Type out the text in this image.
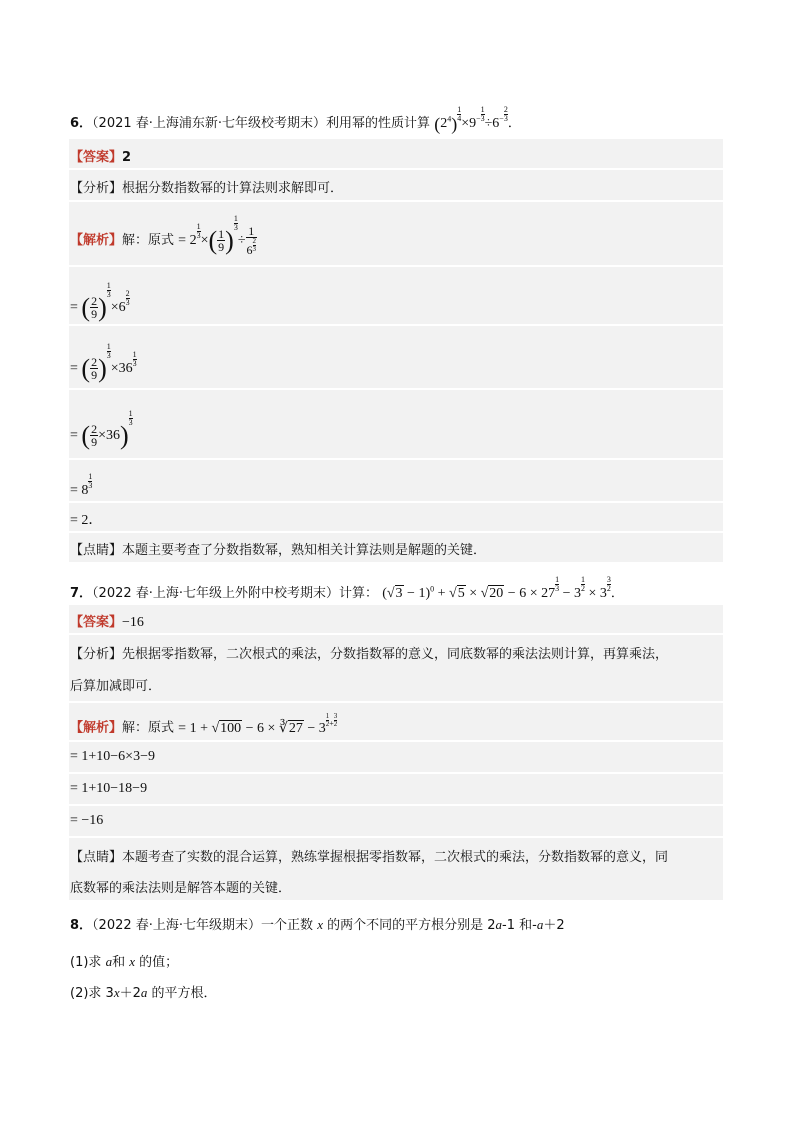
6．（2021 春·上海浦东新·七年级校考期末）利用幂的性质计算 $(2^4) \frac{1}{4}$
$\times 9^- \frac{1}{3}$
$\div 6^- \frac{2}{3}$
．
【答案】2
【分析】根据分数指数幂的计算法则求解即可．
【解析】解：原式 = 2
$\frac{1}{3}$
×( $\frac{1}{9}$ )
$\frac{1}{3}$
÷ $\frac{1}{6 \frac{2}{3}}$
= ( $\frac{2}{9}$ )
$\frac{1}{3}$
×6
$\frac{2}{3}$
= ( $\frac{2}{9}$ )
$\frac{1}{3}$
×36
$\frac{1}{3}$
= ( $\frac{2}{9} \times 36$)
$\frac{1}{3}$
= 8
$\frac{1}{3}$
= 2．
【点睛】本题主要考查了分数指数幂，熟知相关计算法则是解题的关键．
7．（2022 春·上海·七年级上外附中校考期末）计算： $(√3 - 1)^0 + √5 \times √20 - 6 \times 27$
$\frac{1}{3}$
− 3
$\frac{1}{2}$
× 3
$\frac{3}{2}$
．
【答案】−16
【分析】先根据零指数幂，二次根式的乘法，分数指数幂的意义，同底数幂的乘法法则计算，再算乘法，
后算加减即可．
【解析】解：原式 = 1 + √100 − 6 × ∛27 − 3
$^{\frac{1}{2} + \frac{3}{2}}$
= 1+10−6×3−9
= 1+10−18−9
= −16
【点睛】本题考查了实数的混合运算，熟练掌握根据零指数幂，二次根式的乘法，分数指数幂的意义，同
底数幂的乘法法则是解答本题的关键．
8．（2022 春·上海·七年级期末）一个正数 x 的两个不同的平方根分别是 2a-1 和-a＋2
(1)求 a和 x 的值；
(2)求 3x＋2a 的平方根．
